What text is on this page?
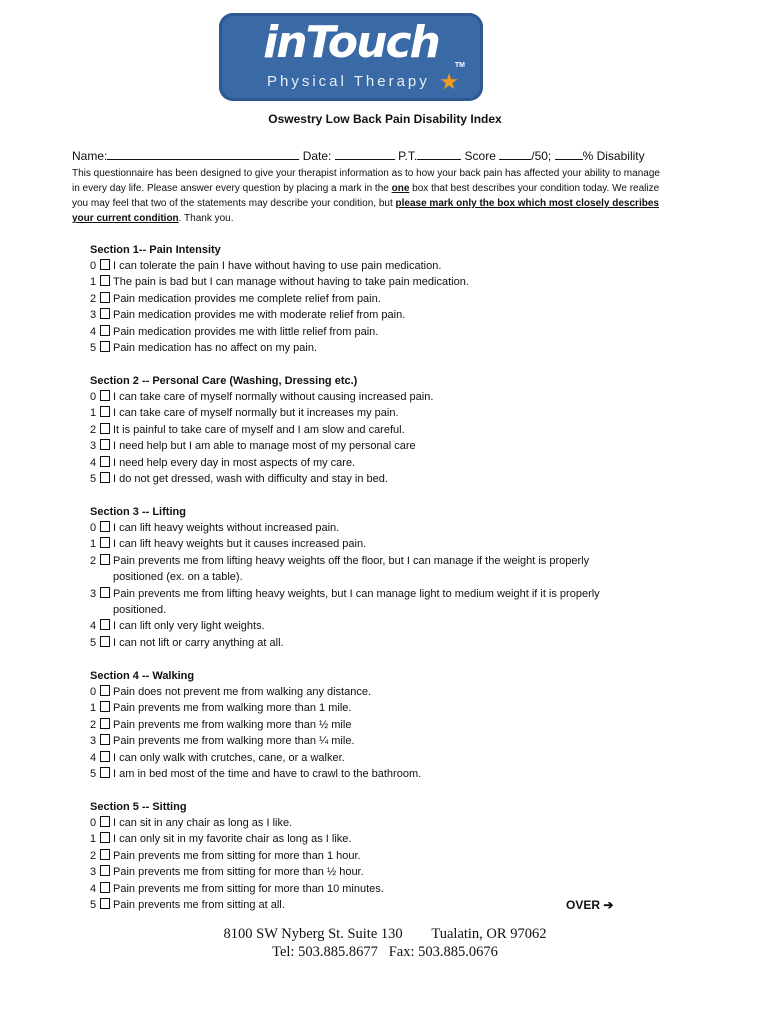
inTouch	TM
Physical Therapy ★
Oswestry Low Back Pain Disability Index
Name:	Date:	P.T.	Score	/50;	% Disability
This questionnaire has been designed to give your therapist information as to how your back pain has affected your ability to manage in every day life. Please answer every question by placing a mark in the one box that best describes your condition today. We realize you may feel that two of the statements may describe your condition, but please mark only the box which most closely describes your current condition. Thank you.
Section 1-- Pain Intensity
0 I can tolerate the pain I have without having to use pain medication.
1 The pain is bad but I can manage without having to take pain medication.
2 Pain medication provides me complete relief from pain.
3 Pain medication provides me with moderate relief from pain.
4 Pain medication provides me with little relief from pain.
5 Pain medication has no affect on my pain.
Section 2 -- Personal Care (Washing, Dressing etc.)
0 I can take care of myself normally without causing increased pain.
1 I can take care of myself normally but it increases my pain.
2 It is painful to take care of myself and I am slow and careful.
3 I need help but I am able to manage most of my personal care
4 I need help every day in most aspects of my care.
5 I do not get dressed, wash with difficulty and stay in bed.
Section 3 -- Lifting
0 I can lift heavy weights without increased pain.
1 I can lift heavy weights but it causes increased pain.
2 Pain prevents me from lifting heavy weights off the floor, but I can manage if the weight is properly
positioned (ex. on a table).
3 Pain prevents me from lifting heavy weights, but I can manage light to medium weight if it is properly
positioned.
4 I can lift only very light weights.
5 I can not lift or carry anything at all.
Section 4 -- Walking
0 Pain does not prevent me from walking any distance.
1 Pain prevents me from walking more than 1 mile.
2 Pain prevents me from walking more than ½ mile
3 Pain prevents me from walking more than ¼ mile.
4 I can only walk with crutches, cane, or a walker.
5 I am in bed most of the time and have to crawl to the bathroom.
Section 5 -- Sitting
0 I can sit in any chair as long as I like.
1 I can only sit in my favorite chair as long as I like.
2 Pain prevents me from sitting for more than 1 hour.
3 Pain prevents me from sitting for more than ½ hour.
4 Pain prevents me from sitting for more than 10 minutes.
5 Pain prevents me from sitting at all.	OVER ➔
8100 SW Nyberg St. Suite 130        Tualatin, OR 97062
Tel: 503.885.8677   Fax: 503.885.0676
